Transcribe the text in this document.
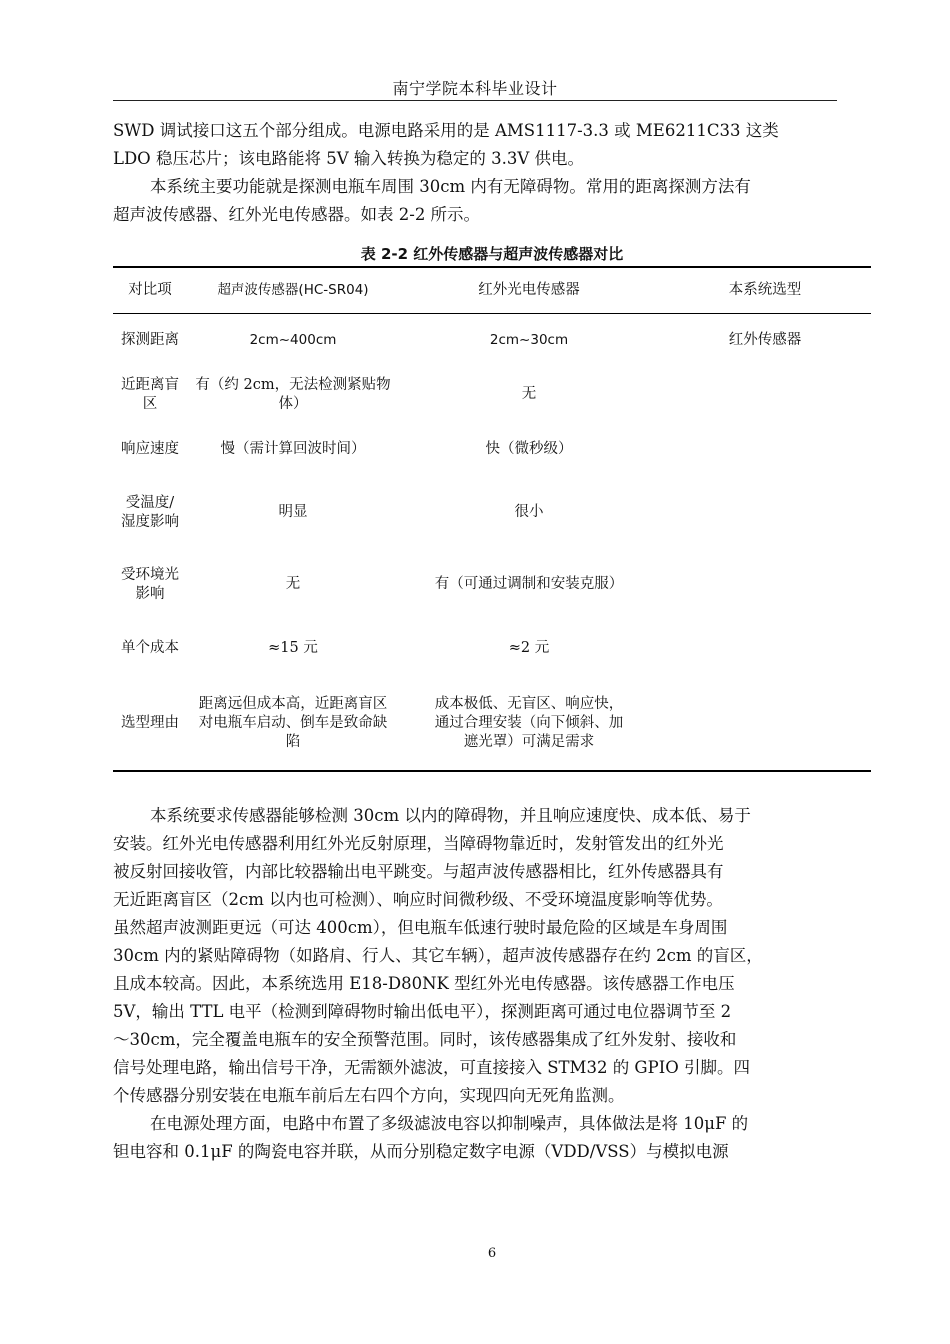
南宁学院本科毕业设计
SWD 调试接口这五个部分组成。电源电路采用的是 AMS1117-3.3 或 ME6211C33 这类
LDO 稳压芯片；该电路能将 5V 输入转换为稳定的 3.3V 供电。
本系统主要功能就是探测电瓶车周围 30cm 内有无障碍物。常用的距离探测方法有
超声波传感器、红外光电传感器。如表 2-2 所示。
表 2-2 红外传感器与超声波传感器对比
对比项	超声波传感器(HC-SR04)	红外光电传感器	本系统选型
探测距离	2cm~400cm	2cm~30cm	红外传感器
近距离盲区	有（约 2cm，无法检测紧贴物体）	无	
响应速度	慢（需计算回波时间）	快（微秒级）	
受温度/湿度影响	明显	很小	
受环境光影响	无	有（可通过调制和安装克服）	
单个成本	≈15 元	≈2 元	
选型理由	距离远但成本高，近距离盲区对电瓶车启动、倒车是致命缺陷	成本极低、无盲区、响应快，通过合理安装（向下倾斜、加遮光罩）可满足需求	
本系统要求传感器能够检测 30cm 以内的障碍物，并且响应速度快、成本低、易于
安装。红外光电传感器利用红外光反射原理，当障碍物靠近时，发射管发出的红外光
被反射回接收管，内部比较器输出电平跳变。与超声波传感器相比，红外传感器具有
无近距离盲区（2cm 以内也可检测）、响应时间微秒级、不受环境温度影响等优势。
虽然超声波测距更远（可达 400cm），但电瓶车低速行驶时最危险的区域是车身周围
30cm 内的紧贴障碍物（如路肩、行人、其它车辆），超声波传感器存在约 2cm 的盲区，
且成本较高。因此，本系统选用 E18-D80NK 型红外光电传感器。该传感器工作电压
5V，输出 TTL 电平（检测到障碍物时输出低电平），探测距离可通过电位器调节至 2
～30cm，完全覆盖电瓶车的安全预警范围。同时，该传感器集成了红外发射、接收和
信号处理电路，输出信号干净，无需额外滤波，可直接接入 STM32 的 GPIO 引脚。四
个传感器分别安装在电瓶车前后左右四个方向，实现四向无死角监测。
在电源处理方面，电路中布置了多级滤波电容以抑制噪声，具体做法是将 10μF 的
钽电容和 0.1μF 的陶瓷电容并联，从而分别稳定数字电源（VDD/VSS）与模拟电源
6
